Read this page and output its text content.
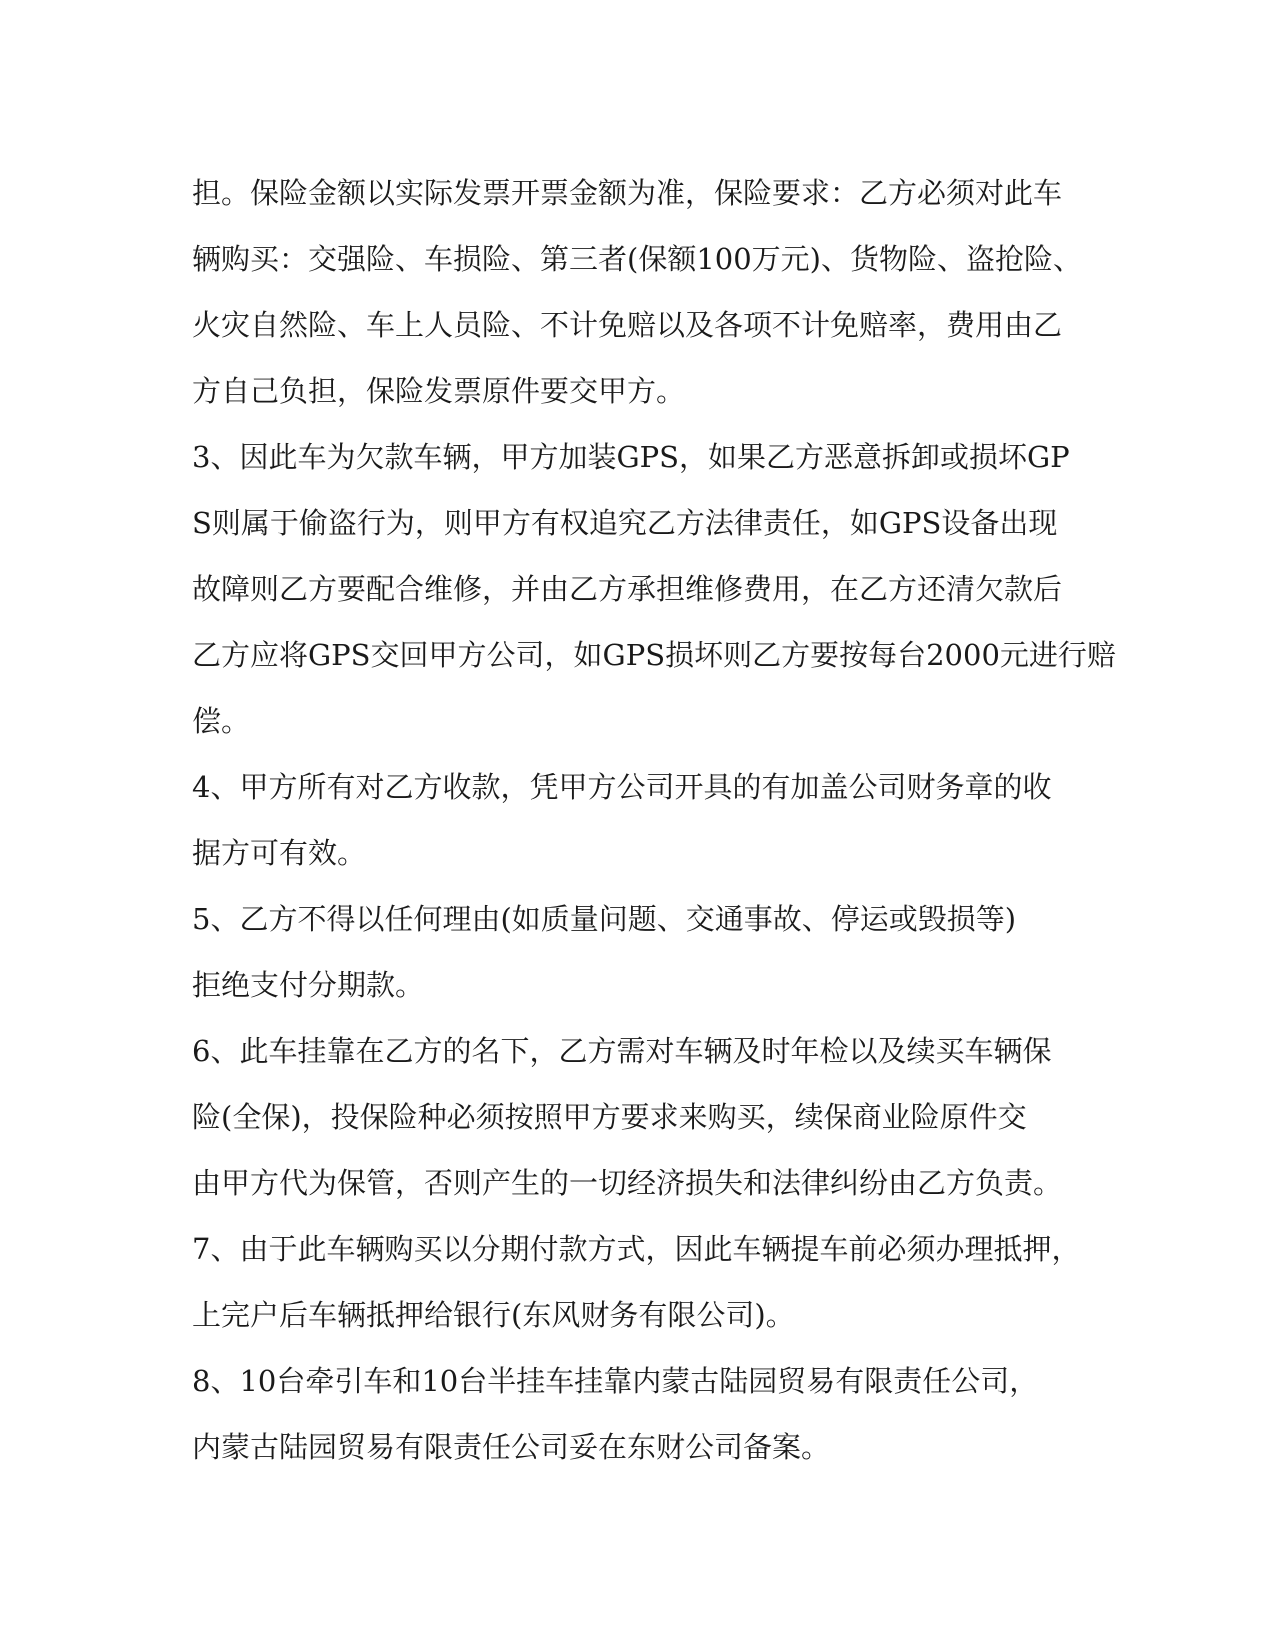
担。保险金额以实际发票开票金额为准，保险要求：乙方必须对此车
辆购买：交强险、车损险、第三者(保额100万元)、货物险、盗抢险、
火灾自然险、车上人员险、不计免赔以及各项不计免赔率，费用由乙
方自己负担，保险发票原件要交甲方。
3、因此车为欠款车辆，甲方加装GPS，如果乙方恶意拆卸或损坏GP
S则属于偷盗行为，则甲方有权追究乙方法律责任，如GPS设备出现
故障则乙方要配合维修，并由乙方承担维修费用，在乙方还清欠款后
乙方应将GPS交回甲方公司，如GPS损坏则乙方要按每台2000元进行赔
偿。
4、甲方所有对乙方收款，凭甲方公司开具的有加盖公司财务章的收
据方可有效。
5、乙方不得以任何理由(如质量问题、交通事故、停运或毁损等)
拒绝支付分期款。
6、此车挂靠在乙方的名下，乙方需对车辆及时年检以及续买车辆保
险(全保)，投保险种必须按照甲方要求来购买，续保商业险原件交
由甲方代为保管，否则产生的一切经济损失和法律纠纷由乙方负责。
7、由于此车辆购买以分期付款方式，因此车辆提车前必须办理抵押，
上完户后车辆抵押给银行(东风财务有限公司)。
8、10台牵引车和10台半挂车挂靠内蒙古陆园贸易有限责任公司，
内蒙古陆园贸易有限责任公司妥在东财公司备案。
